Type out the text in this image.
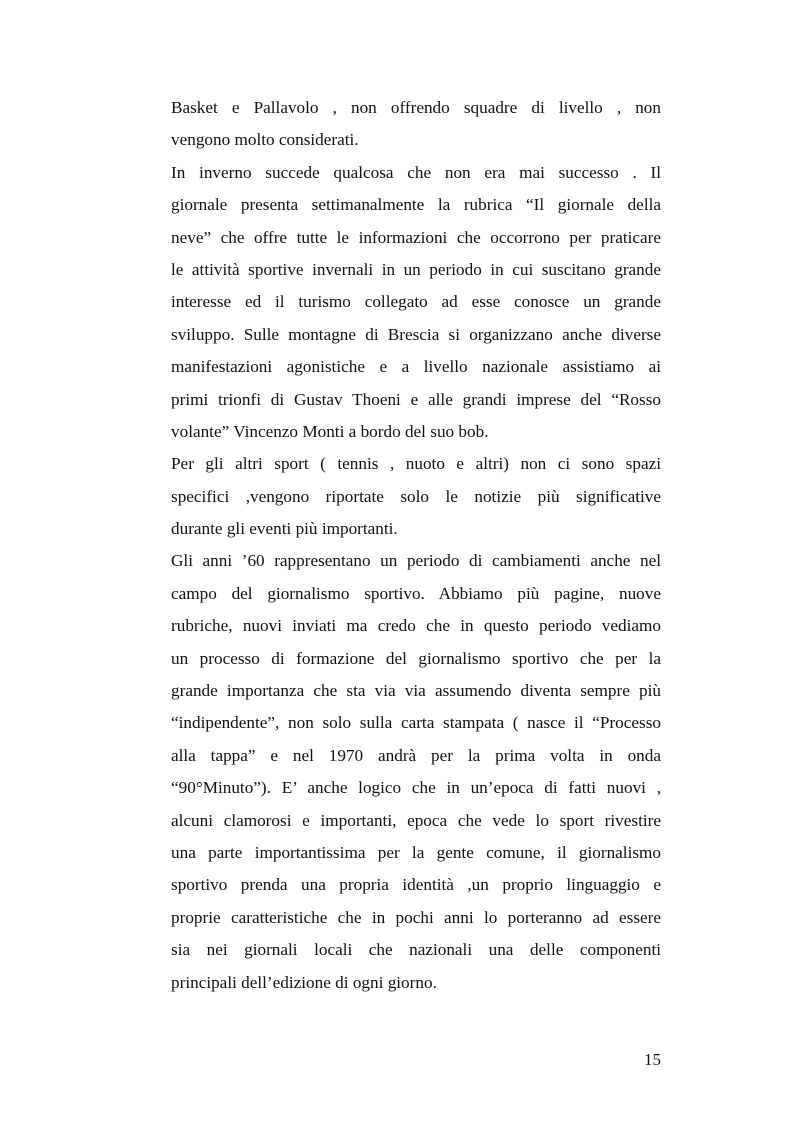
Basket e Pallavolo , non offrendo squadre di livello , non
vengono molto considerati.
In inverno succede qualcosa che non era mai successo . Il
giornale presenta settimanalmente la rubrica “Il giornale della
neve” che offre tutte le informazioni che occorrono per praticare
le attività sportive invernali in un periodo in cui suscitano grande
interesse ed il turismo collegato ad esse conosce un grande
sviluppo. Sulle montagne di Brescia si organizzano anche diverse
manifestazioni agonistiche e a livello nazionale assistiamo ai
primi trionfi di Gustav Thoeni e alle grandi imprese del “Rosso
volante” Vincenzo Monti a bordo del suo bob.
Per gli altri sport ( tennis , nuoto e altri) non ci sono spazi
specifici ,vengono riportate solo le notizie più significative
durante gli eventi più importanti.
Gli anni ’60 rappresentano un periodo di cambiamenti anche nel
campo del giornalismo sportivo. Abbiamo più pagine, nuove
rubriche, nuovi inviati ma credo che in questo periodo vediamo
un processo di formazione del giornalismo sportivo che per la
grande importanza che sta via via assumendo diventa sempre più
“indipendente”, non solo sulla carta stampata ( nasce il “Processo
alla tappa” e nel 1970 andrà per la prima volta in onda
“90°Minuto”). E’ anche logico che in un’epoca di fatti nuovi ,
alcuni clamorosi e importanti, epoca che vede lo sport rivestire
una parte importantissima per la gente comune, il giornalismo
sportivo prenda una propria identità ,un proprio linguaggio e
proprie caratteristiche che in pochi anni lo porteranno ad essere
sia nei giornali locali che nazionali una delle componenti
principali dell’edizione di ogni giorno.
15
